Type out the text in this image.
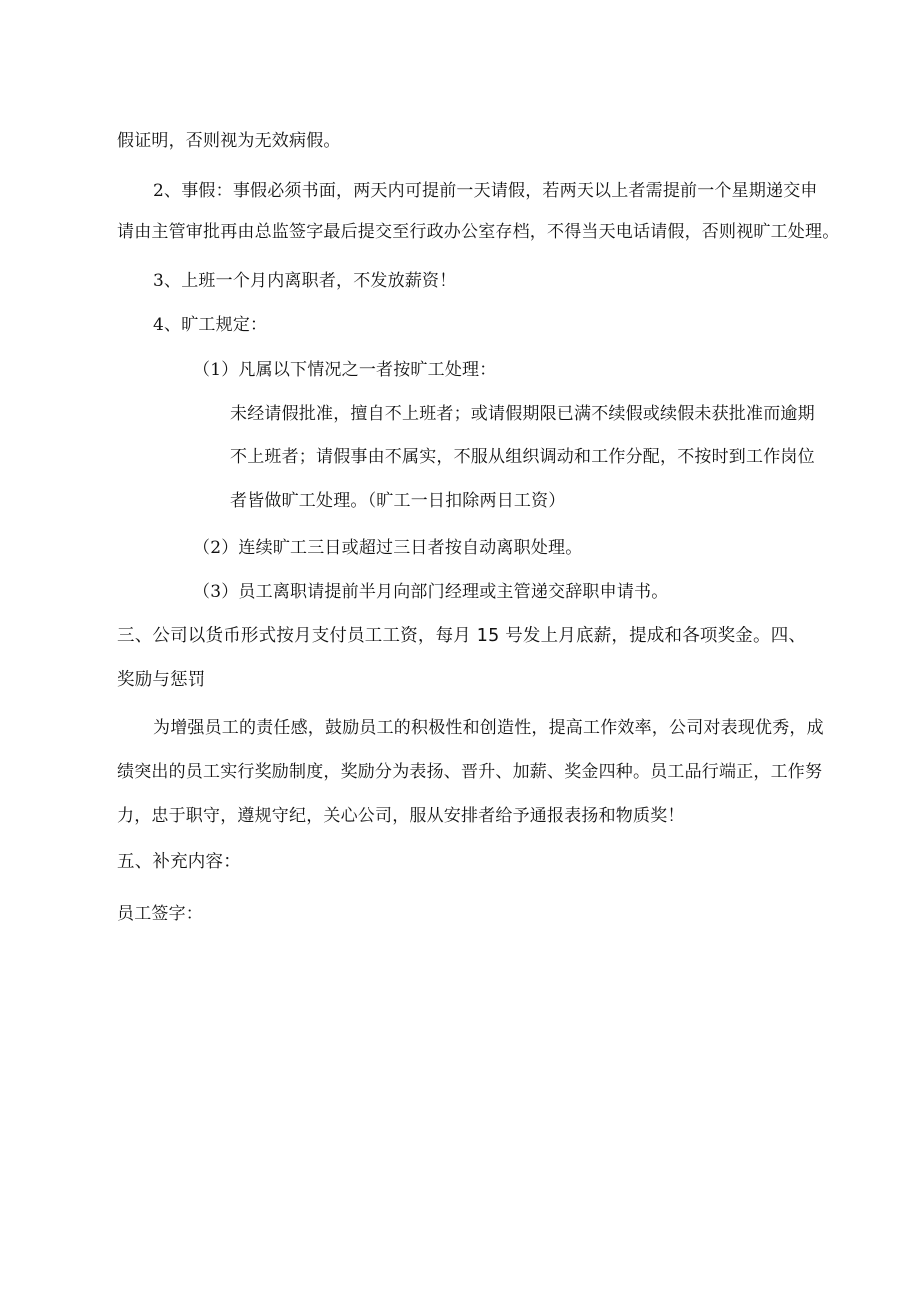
假证明，否则视为无效病假。
2、事假：事假必须书面，两天内可提前一天请假，若两天以上者需提前一个星期递交申
请由主管审批再由总监签字最后提交至行政办公室存档，不得当天电话请假，否则视旷工处理。
3、上班一个月内离职者，不发放薪资！
4、旷工规定：
（1）凡属以下情况之一者按旷工处理：
未经请假批准，擅自不上班者；或请假期限已满不续假或续假未获批准而逾期
不上班者；请假事由不属实，不服从组织调动和工作分配，不按时到工作岗位
者皆做旷工处理。（旷工一日扣除两日工资）
（2）连续旷工三日或超过三日者按自动离职处理。
（3）员工离职请提前半月向部门经理或主管递交辞职申请书。
三、公司以货币形式按月支付员工工资，每月 15 号发上月底薪，提成和各项奖金。四、
奖励与惩罚
为增强员工的责任感，鼓励员工的积极性和创造性，提高工作效率，公司对表现优秀，成
绩突出的员工实行奖励制度，奖励分为表扬、晋升、加薪、奖金四种。员工品行端正，工作努
力，忠于职守，遵规守纪，关心公司，服从安排者给予通报表扬和物质奖！
五、补充内容：
员工签字：
